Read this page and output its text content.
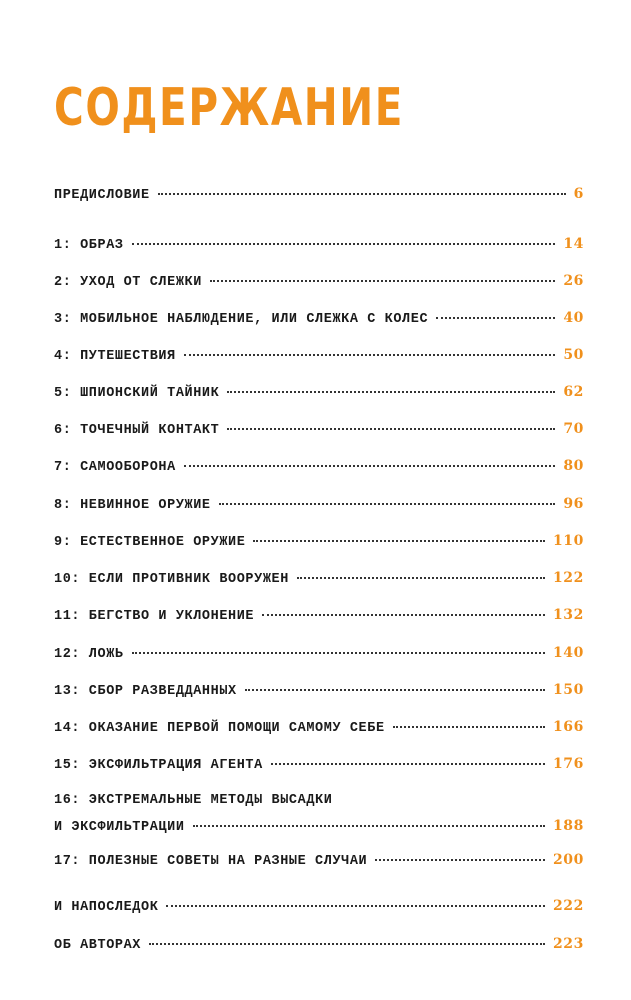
СОДЕРЖАНИЕ
ПРЕДИСЛОВИЕ	6
1: ОБРАЗ	14
2: УХОД ОТ СЛЕЖКИ	26
3: МОБИЛЬНОЕ НАБЛЮДЕНИЕ, ИЛИ СЛЕЖКА С КОЛЕС	40
4: ПУТЕШЕСТВИЯ	50
5: ШПИОНСКИЙ ТАЙНИК	62
6: ТОЧЕЧНЫЙ КОНТАКТ	70
7: САМООБОРОНА	80
8: НЕВИННОЕ ОРУЖИЕ	96
9: ЕСТЕСТВЕННОЕ ОРУЖИЕ	110
10: ЕСЛИ ПРОТИВНИК ВООРУЖЕН	122
11: БЕГСТВО И УКЛОНЕНИЕ	132
12: ЛОЖЬ	140
13: СБОР РАЗВЕДДАННЫХ	150
14: ОКАЗАНИЕ ПЕРВОЙ ПОМОЩИ САМОМУ СЕБЕ	166
15: ЭКСФИЛЬТРАЦИЯ АГЕНТА	176
16: ЭКСТРЕМАЛЬНЫЕ МЕТОДЫ ВЫСАДКИ
И ЭКСФИЛЬТРАЦИИ	188
17: ПОЛЕЗНЫЕ СОВЕТЫ НА РАЗНЫЕ СЛУЧАИ	200
И НАПОСЛЕДОК	222
ОБ АВТОРАХ	223
